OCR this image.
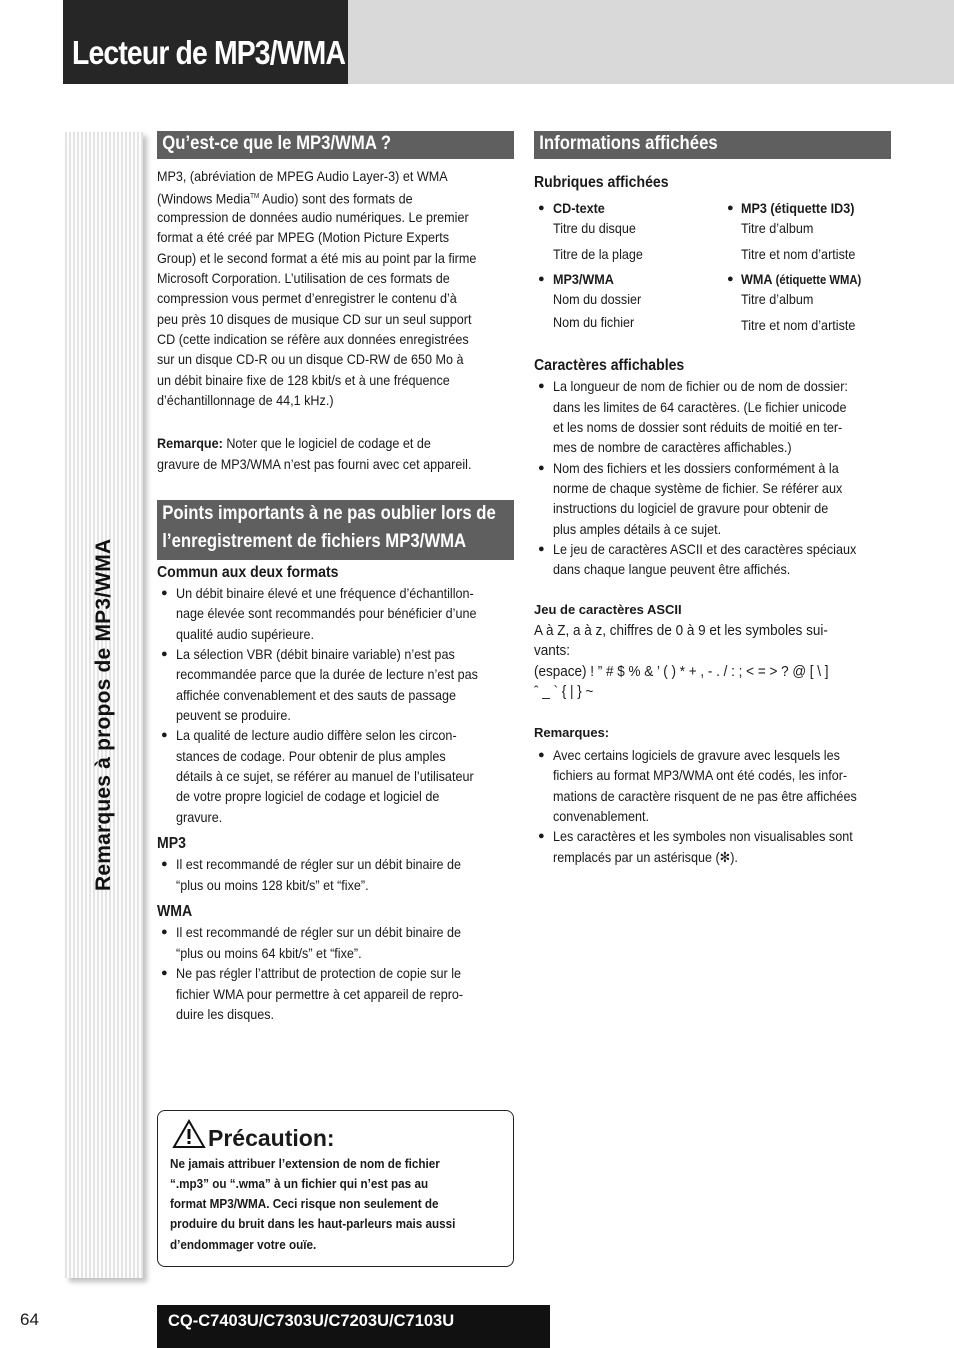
Lecteur de MP3/WMA
Remarques à propos de MP3/WMA
Qu’est-ce que le MP3/WMA ?
MP3, (abréviation de MPEG Audio Layer-3) et WMA
(Windows Media™ Audio) sont des formats de
compression de données audio numériques. Le premier
format a été créé par MPEG (Motion Picture Experts
Group) et le second format a été mis au point par la firme
Microsoft Corporation. L’utilisation de ces formats de
compression vous permet d’enregistrer le contenu d’à
peu près 10 disques de musique CD sur un seul support
CD (cette indication se réfère aux données enregistrées
sur un disque CD-R ou un disque CD-RW de 650 Mo à
un débit binaire fixe de 128 kbit/s et à une fréquence
d’échantillonnage de 44,1 kHz.)
Remarque: Noter que le logiciel de codage et de
gravure de MP3/WMA n’est pas fourni avec cet appareil.
Points importants à ne pas oublier lors de
l’enregistrement de fichiers MP3/WMA
Commun aux deux formats
● Un débit binaire élevé et une fréquence d’échantillon-
nage élevée sont recommandés pour bénéficier d’une
qualité audio supérieure.
● La sélection VBR (débit binaire variable) n’est pas
recommandée parce que la durée de lecture n’est pas
affichée convenablement et des sauts de passage
peuvent se produire.
● La qualité de lecture audio diffère selon les circon-
stances de codage. Pour obtenir de plus amples
détails à ce sujet, se référer au manuel de l’utilisateur
de votre propre logiciel de codage et logiciel de
gravure.
MP3
● Il est recommandé de régler sur un débit binaire de
“plus ou moins 128 kbit/s” et “fixe”.
WMA
● Il est recommandé de régler sur un débit binaire de
“plus ou moins 64 kbit/s” et “fixe”.
● Ne pas régler l’attribut de protection de copie sur le
fichier WMA pour permettre à cet appareil de repro-
duire les disques.
Précaution:
Ne jamais attribuer l’extension de nom de fichier
“.mp3” ou “.wma” à un fichier qui n’est pas au
format MP3/WMA. Ceci risque non seulement de
produire du bruit dans les haut-parleurs mais aussi
d’endommager votre ouïe.
Informations affichées
Rubriques affichées
● CD-texte
Titre du disque
Titre de la plage
● MP3/WMA
Nom du dossier
Nom du fichier
● MP3 (étiquette ID3)
Titre d’album
Titre et nom d’artiste
● WMA (étiquette WMA)
Titre d’album
Titre et nom d’artiste
Caractères affichables
● La longueur de nom de fichier ou de nom de dossier:
dans les limites de 64 caractères. (Le fichier unicode
et les noms de dossier sont réduits de moitié en ter-
mes de nombre de caractères affichables.)
● Nom des fichiers et les dossiers conformément à la
norme de chaque système de fichier. Se référer aux
instructions du logiciel de gravure pour obtenir de
plus amples détails à ce sujet.
● Le jeu de caractères ASCII et des caractères spéciaux
dans chaque langue peuvent être affichés.
Jeu de caractères ASCII
A à Z, a à z, chiffres de 0 à 9 et les symboles sui-
vants:
(espace) ! ” # $ % & ’ ( ) * + , - . / : ; < = > ? @ [ \ ]
ˆ _ ` { | } ~
Remarques:
● Avec certains logiciels de gravure avec lesquels les
fichiers au format MP3/WMA ont été codés, les infor-
mations de caractère risquent de ne pas être affichées
convenablement.
● Les caractères et les symboles non visualisables sont
remplacés par un astérisque (✻).
64	CQ-C7403U/C7303U/C7203U/C7103U
